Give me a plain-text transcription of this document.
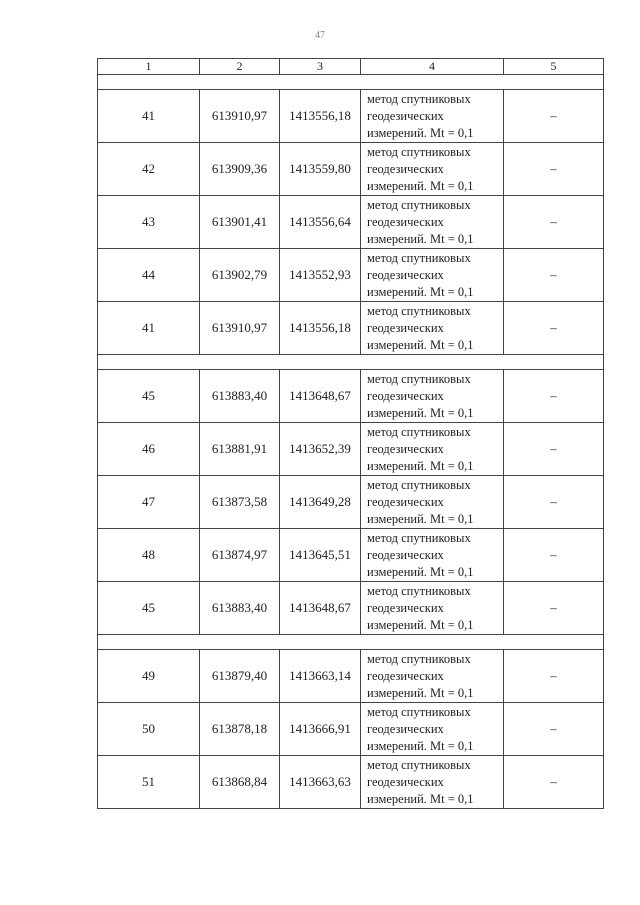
47
1	2	3	4	5

41	613910,97	1413556,18	метод спутниковых геодезических измерений. Mt = 0,1	–
42	613909,36	1413559,80	метод спутниковых геодезических измерений. Mt = 0,1	–
43	613901,41	1413556,64	метод спутниковых геодезических измерений. Mt = 0,1	–
44	613902,79	1413552,93	метод спутниковых геодезических измерений. Mt = 0,1	–
41	613910,97	1413556,18	метод спутниковых геодезических измерений. Mt = 0,1	–

45	613883,40	1413648,67	метод спутниковых геодезических измерений. Mt = 0,1	–
46	613881,91	1413652,39	метод спутниковых геодезических измерений. Mt = 0,1	–
47	613873,58	1413649,28	метод спутниковых геодезических измерений. Mt = 0,1	–
48	613874,97	1413645,51	метод спутниковых геодезических измерений. Mt = 0,1	–
45	613883,40	1413648,67	метод спутниковых геодезических измерений. Mt = 0,1	–

49	613879,40	1413663,14	метод спутниковых геодезических измерений. Mt = 0,1	–
50	613878,18	1413666,91	метод спутниковых геодезических измерений. Mt = 0,1	–
51	613868,84	1413663,63	метод спутниковых геодезических измерений. Mt = 0,1	–
